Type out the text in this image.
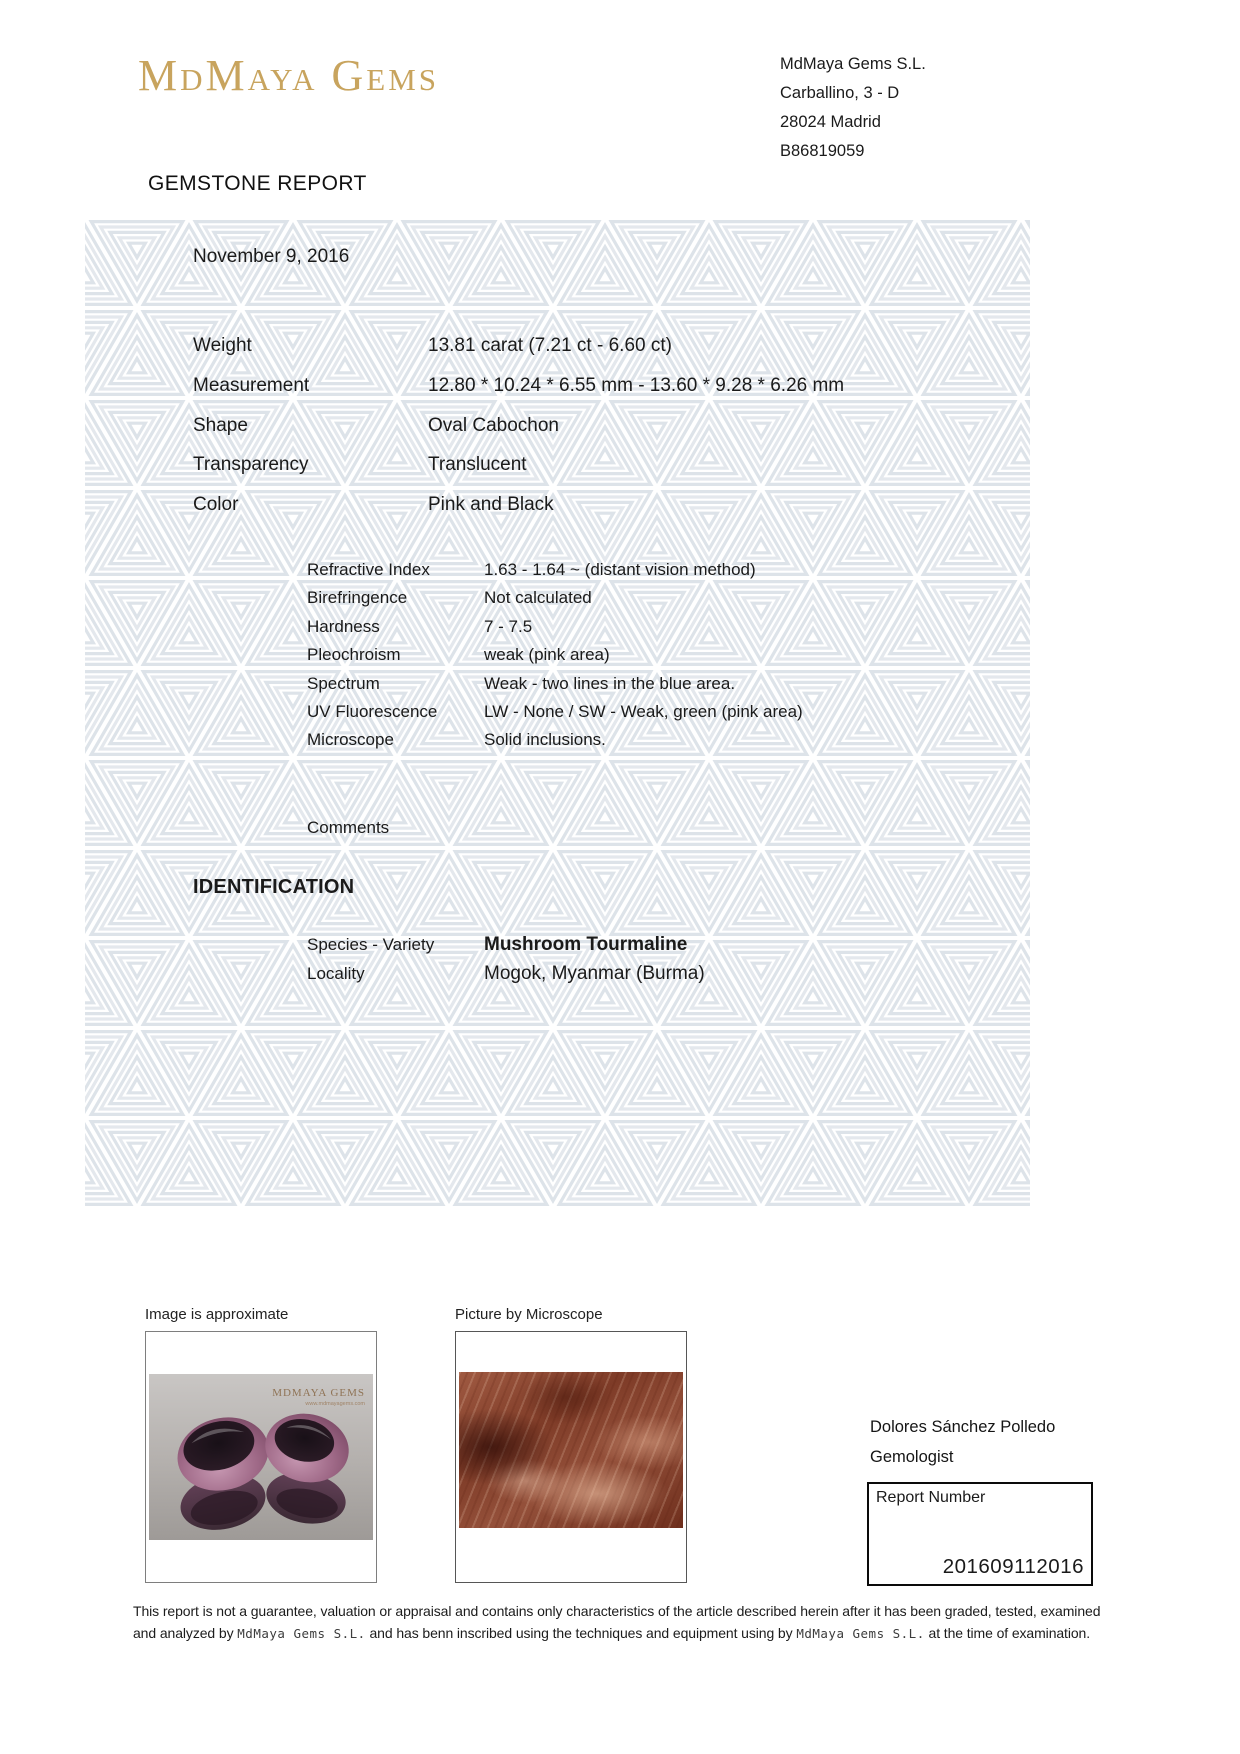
MdMaya Gems	MdMaya Gems S.L.
Carballino, 3 - D
28024 Madrid
B86819059
GEMSTONE REPORT
November 9, 2016
Weight	13.81 carat (7.21 ct - 6.60 ct)
Measurement	12.80 * 10.24 * 6.55 mm - 13.60 * 9.28 * 6.26 mm
Shape	Oval Cabochon
Transparency	Translucent
Color	Pink and Black
Refractive Index	1.63 - 1.64 ~ (distant vision method)
Birefringence	Not calculated
Hardness	7 - 7.5
Pleochroism	weak (pink area)
Spectrum	Weak - two lines in the blue area.
UV Fluorescence	LW - None / SW - Weak, green (pink area)
Microscope	Solid inclusions.
Comments
IDENTIFICATION
Species - Variety	Mushroom Tourmaline
Locality	Mogok, Myanmar (Burma)
Image is approximate	Picture by Microscope
MDMAYA GEMS
www.mdmayagems.com
Dolores Sánchez Polledo
Gemologist
Report Number
201609112016
This report is not a guarantee, valuation or appraisal and contains only characteristics of the article described herein after it has been graded, tested, examined and analyzed by MdMaya Gems S.L. and has benn inscribed using the techniques and equipment using by MdMaya Gems S.L. at the time of examination.
